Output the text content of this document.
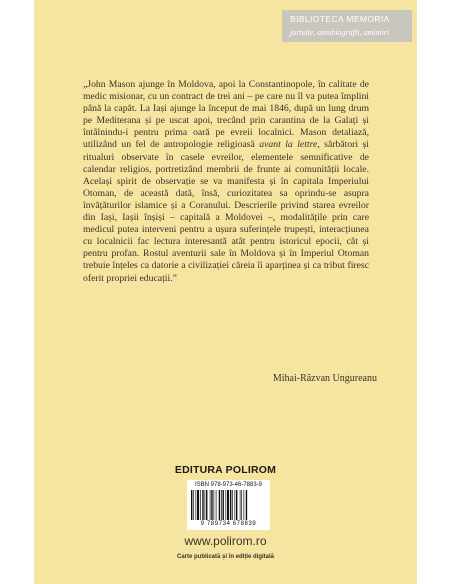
BIBLIOTECA MEMORIA
jurnale, autobiografii, amintiri

„John Mason ajunge în Moldova, apoi la Constantinopole, în calitate de medic misionar, cu un contract de trei ani – pe care nu îl va putea împlini până la capăt. La Iași ajunge la început de mai 1846, după un lung drum pe Mediterana și pe uscat apoi, trecând prin carantina de la Galați și întâlnindu-i pentru prima oară pe evreii localnici. Mason detaliază, utilizând un fel de antropologie religioasă avant la lettre, sărbători și ritualuri observate în casele evreilor, elementele semnificative de calendar religios, portretizând membrii de frunte ai comunității locale. Același spirit de observație se va manifesta și în capitala Imperiului Otoman, de această dată, însă, curiozitatea sa oprindu-se asupra învățăturilor islamice și a Coranului. Descrierile privind starea evreilor din Iași, Iașii înșiși – capitală a Moldovei –, modalitățile prin care medicul putea interveni pentru a ușura suferințele trupești, interacțiunea cu localnicii fac lectura interesantă atât pentru istoricul epocii, cât și pentru profan. Rostul aventurii sale în Moldova și în Imperiul Otoman trebuie înțeles ca datorie a civilizației căreia îi aparținea și ca tribut firesc oferit propriei educații.”

Mihai-Răzvan Ungureanu
EDITURA POLIROM
ISBN 978-973-46-7883-9
9 789734 678839
www.polirom.ro
Carte publicată și în ediție digitală
